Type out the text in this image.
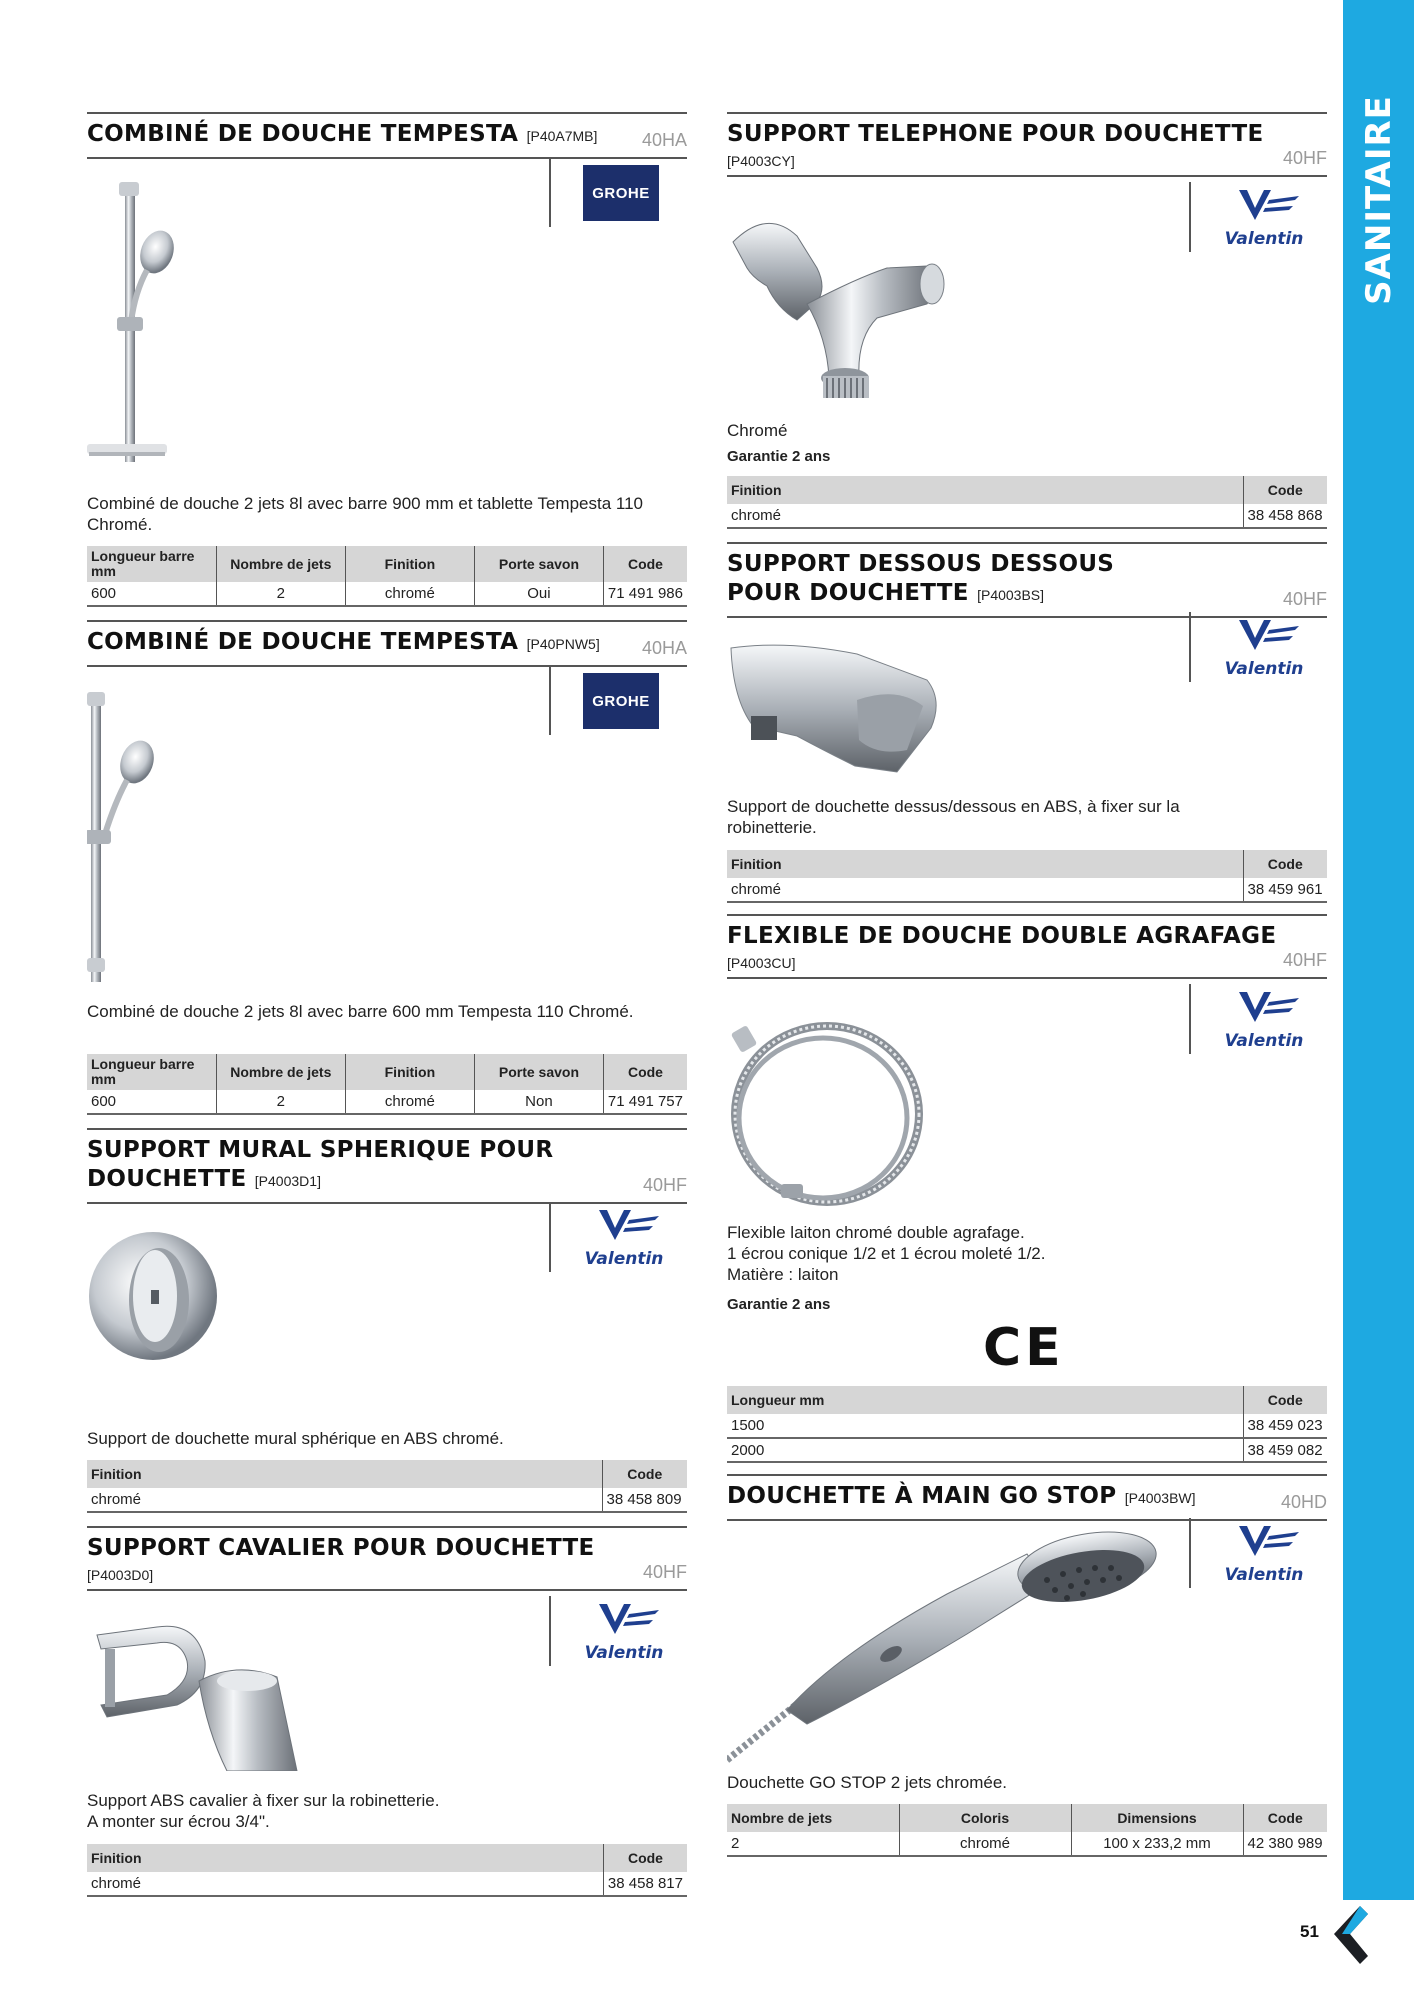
COMBINÉ DE DOUCHE TEMPESTA [P40A7MB]	40HA
GROHE
Combiné de douche 2 jets 8l avec barre 900 mm et tablette Tempesta 110 Chromé.
Longueur barre mm	Nombre de jets	Finition	Porte savon	Code
600	2	chromé	Oui	71 491 986
COMBINÉ DE DOUCHE TEMPESTA [P40PNW5]	40HA
GROHE
Combiné de douche 2 jets 8l avec barre 600 mm Tempesta 110 Chromé.
Longueur barre mm	Nombre de jets	Finition	Porte savon	Code
600	2	chromé	Non	71 491 757
SUPPORT MURAL SPHERIQUE POUR
DOUCHETTE [P4003D1]	40HF
Support de douchette mural sphérique en ABS chromé.
Finition	Code
chromé	38 458 809
SUPPORT CAVALIER POUR DOUCHETTE
[P4003D0]	40HF
Support ABS cavalier à fixer sur la robinetterie.
A monter sur écrou 3/4".
Finition	Code
chromé	38 458 817
SUPPORT TELEPHONE POUR DOUCHETTE
[P4003CY]	40HF
Chromé
Garantie 2 ans
Finition	Code
chromé	38 458 868
SUPPORT DESSOUS DESSOUS
POUR DOUCHETTE [P4003BS]	40HF
Support de douchette dessus/dessous en ABS, à fixer sur la robinetterie.
Finition	Code
chromé	38 459 961
FLEXIBLE DE DOUCHE DOUBLE AGRAFAGE
[P4003CU]	40HF
Flexible laiton chromé double agrafage.
1 écrou conique 1/2 et 1 écrou moleté 1/2.
Matière : laiton
Garantie 2 ans
CE
Longueur mm	Code
1500	38 459 023
2000	38 459 082
DOUCHETTE À MAIN GO STOP [P4003BW]	40HD
Douchette GO STOP 2 jets chromée.
Nombre de jets	Coloris	Dimensions	Code
2	chromé	100 x 233,2 mm	42 380 989
SANITAIRE
51
